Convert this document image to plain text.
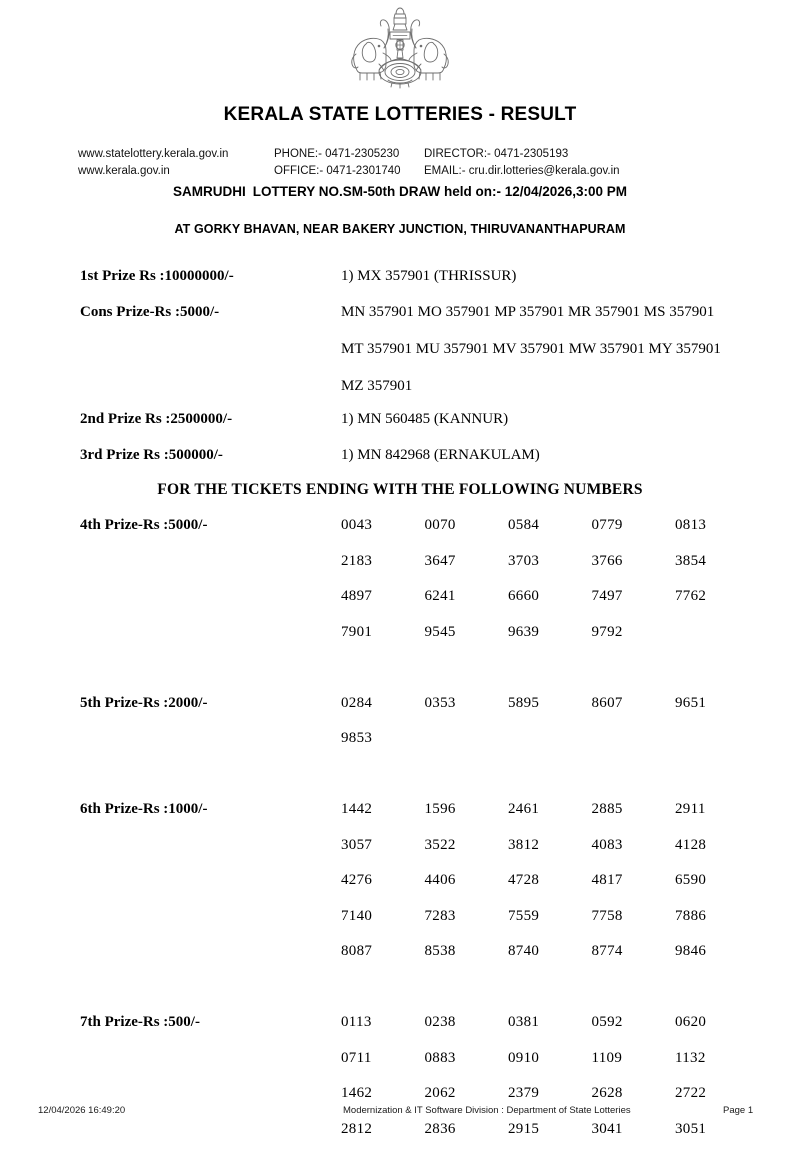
KERALA STATE LOTTERIES - RESULT
www.statelottery.kerala.gov.in	PHONE:- 0471-2305230 DIRECTOR:- 0471-2305193
www.kerala.gov.in	OFFICE:- 0471-2301740 EMAIL:- cru.dir.lotteries@kerala.gov.in
SAMRUDHI LOTTERY NO.SM-50th DRAW held on:- 12/04/2026,3:00 PM
AT GORKY BHAVAN, NEAR BAKERY JUNCTION, THIRUVANANTHAPURAM
1st Prize Rs :10000000/-	1) MX 357901 (THRISSUR)
Cons Prize-Rs :5000/-	MN 357901 MO 357901 MP 357901 MR 357901 MS 357901
MT 357901 MU 357901 MV 357901 MW 357901 MY 357901
MZ 357901
2nd Prize Rs :2500000/-	1) MN 560485 (KANNUR)
3rd Prize Rs :500000/-	1) MN 842968 (ERNAKULAM)
FOR THE TICKETS ENDING WITH THE FOLLOWING NUMBERS
4th Prize-Rs :5000/-	0043	0070	0584	0779	0813
2183	3647	3703	3766	3854
4897	6241	6660	7497	7762
7901	9545	9639	9792
5th Prize-Rs :2000/-	0284	0353	5895	8607	9651
9853
6th Prize-Rs :1000/-	1442	1596	2461	2885	2911
3057	3522	3812	4083	4128
4276	4406	4728	4817	6590
7140	7283	7559	7758	7886
8087	8538	8740	8774	9846
7th Prize-Rs :500/-	0113	0238	0381	0592	0620
0711	0883	0910	1109	1132
1462	2062	2379	2628	2722
2812	2836	2915	3041	3051
12/04/2026 16:49:20	Modernization & IT Software Division : Department of State Lotteries	Page 1
